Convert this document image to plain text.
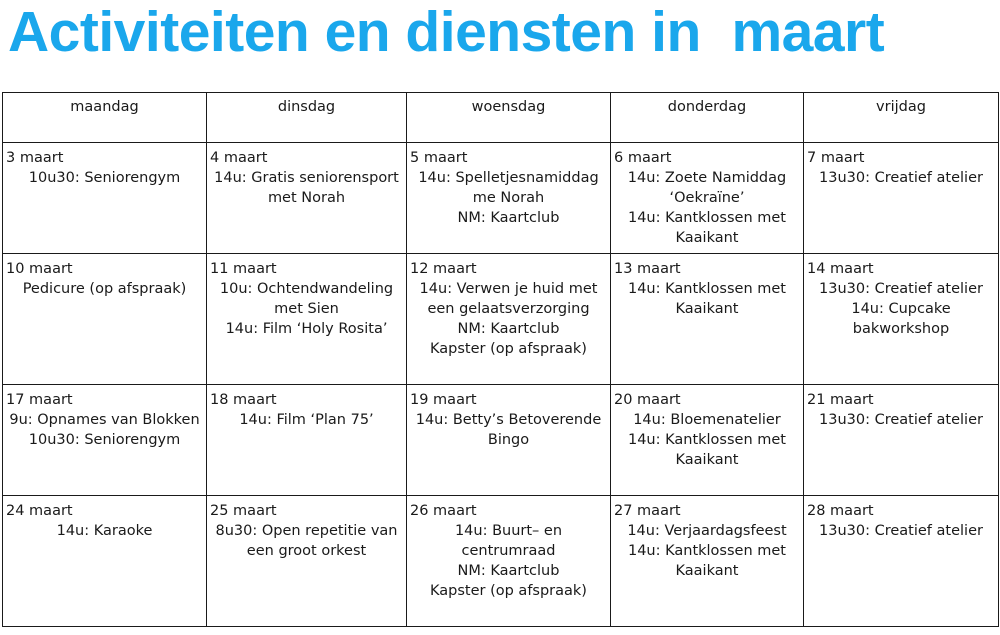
Activiteiten en diensten in  maart
maandag	dinsdag	woensdag	donderdag	vrijdag

3 maart
10u30: Seniorengym	4 maart
14u: Gratis seniorensport
met Norah	5 maart
14u: Spelletjesnamiddag
me Norah
NM: Kaartclub	6 maart
14u: Zoete Namiddag
‘Oekraïne’
14u: Kantklossen met
Kaaikant	7 maart
13u30: Creatief atelier

10 maart
Pedicure (op afspraak)	11 maart
10u: Ochtendwandeling
met Sien
14u: Film ‘Holy Rosita’	12 maart
14u: Verwen je huid met
een gelaatsverzorging
NM: Kaartclub
Kapster (op afspraak)	13 maart
14u: Kantklossen met
Kaaikant	14 maart
13u30: Creatief atelier
14u: Cupcake
bakworkshop

17 maart
9u: Opnames van Blokken
10u30: Seniorengym	18 maart
14u: Film ‘Plan 75’	19 maart
14u: Betty’s Betoverende
Bingo	20 maart
14u: Bloemenatelier
14u: Kantklossen met
Kaaikant	21 maart
13u30: Creatief atelier

24 maart
14u: Karaoke	25 maart
8u30: Open repetitie van
een groot orkest	26 maart
14u: Buurt– en
centrumraad
NM: Kaartclub
Kapster (op afspraak)	27 maart
14u: Verjaardagsfeest
14u: Kantklossen met
Kaaikant	28 maart
13u30: Creatief atelier
